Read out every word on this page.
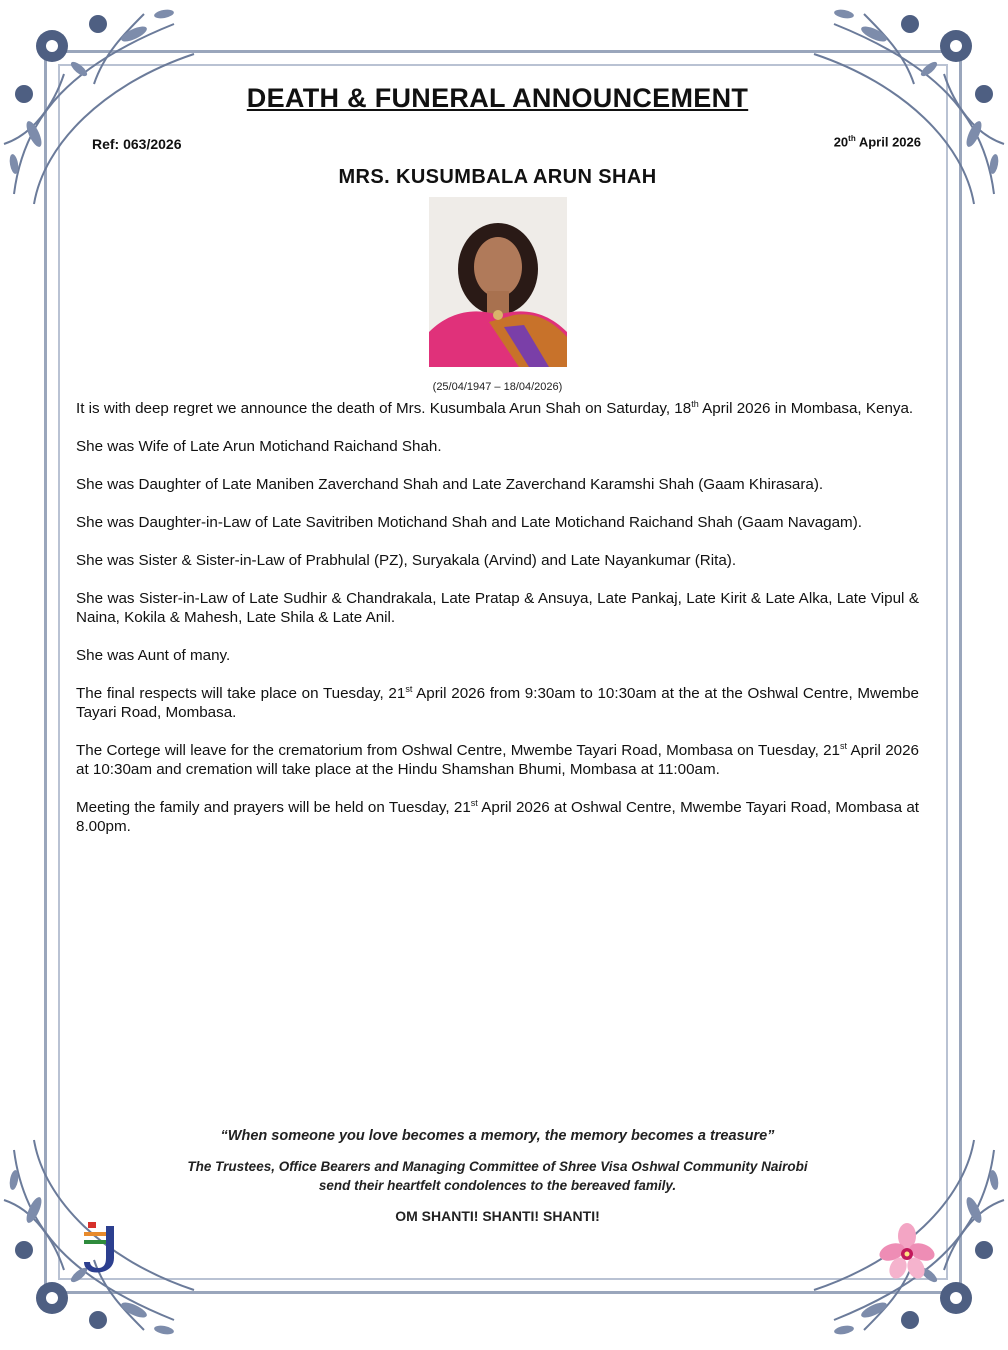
DEATH & FUNERAL ANNOUNCEMENT
Ref: 063/2026	20th April 2026
MRS. KUSUMBALA ARUN SHAH
(25/04/1947 – 18/04/2026)

It is with deep regret we announce the death of Mrs. Kusumbala Arun Shah on Saturday, 18th April 2026 in Mombasa, Kenya.

She was Wife of Late Arun Motichand Raichand Shah.

She was Daughter of Late Maniben Zaverchand Shah and Late Zaverchand Karamshi Shah (Gaam Khirasara).

She was Daughter-in-Law of Late Savitriben Motichand Shah and Late Motichand Raichand Shah (Gaam Navagam).

She was Sister & Sister-in-Law of Prabhulal (PZ), Suryakala (Arvind) and Late Nayankumar (Rita).

She was Sister-in-Law of Late Sudhir & Chandrakala, Late Pratap & Ansuya, Late Pankaj, Late Kirit & Late Alka, Late Vipul & Naina, Kokila & Mahesh, Late Shila & Late Anil.

She was Aunt of many.

The final respects will take place on Tuesday, 21st April 2026 from 9:30am to 10:30am at the at the Oshwal Centre, Mwembe Tayari Road, Mombasa.

The Cortege will leave for the crematorium from Oshwal Centre, Mwembe Tayari Road, Mombasa on Tuesday, 21st April 2026 at 10:30am and cremation will take place at the Hindu Shamshan Bhumi, Mombasa at 11:00am.

Meeting the family and prayers will be held on Tuesday, 21st April 2026 at Oshwal Centre, Mwembe Tayari Road, Mombasa at 8.00pm.

“When someone you love becomes a memory, the memory becomes a treasure”
The Trustees, Office Bearers and Managing Committee of Shree Visa Oshwal Community Nairobi
send their heartfelt condolences to the bereaved family.
OM SHANTI! SHANTI! SHANTI!
